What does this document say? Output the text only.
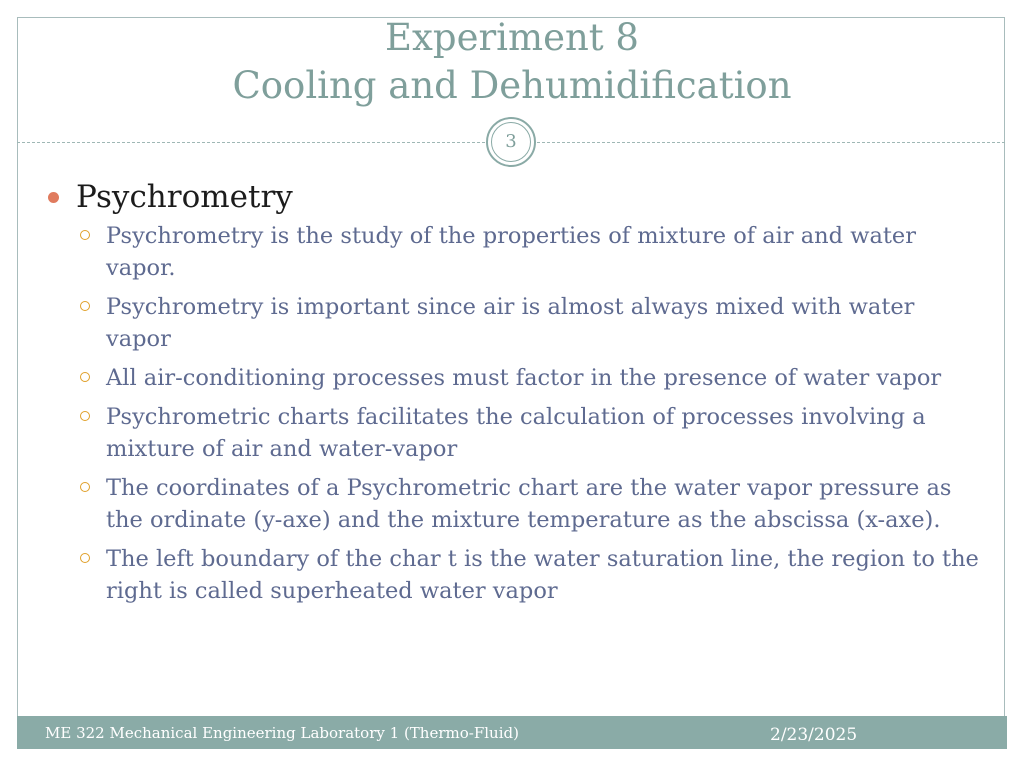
Experiment 8
Cooling and Dehumidification
3
Psychrometry
Psychrometry is the study of the properties of mixture of air and water vapor.
Psychrometry is important since air is almost always mixed with water vapor
All air-conditioning processes must factor in the presence of water vapor
Psychrometric charts facilitates the calculation of processes involving a mixture of air and water-vapor
The coordinates of a Psychrometric chart are the water vapor pressure as the ordinate (y-axe) and the mixture temperature as the abscissa (x-axe).
The left boundary of the char t is the water saturation line, the region to the right is called superheated water vapor
ME 322 Mechanical Engineering Laboratory 1 (Thermo-Fluid)	2/23/2025
